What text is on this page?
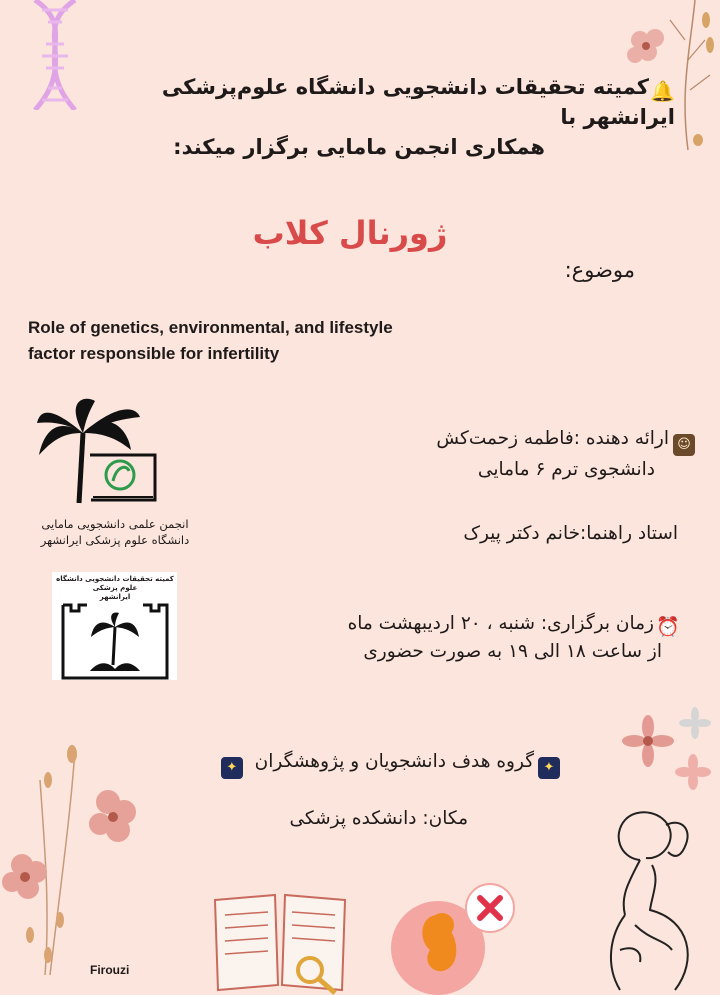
🔔کمیته تحقیقات دانشجویی دانشگاه علوم‌پزشکی ایرانشهر با
همکاری انجمن مامایی برگزار میکند:
ژورنال کلاب
موضوع:
Role of genetics, environmental, and lifestyle
factor responsible for infertility
انجمن علمی دانشجویی مامایی
دانشگاه علوم پزشکی ایرانشهر
کمیته تحقیقات دانشجویی دانشگاه علوم پزشکی
ایرانشهر
☺ارائه دهنده :فاطمه زحمت‌کش
دانشجوی ترم ۶ مامایی
استاد راهنما:خانم دکتر پیرک
⏰زمان برگزاری: شنبه ، ۲۰ اردیبهشت ماه
از ساعت ۱۸ الی ۱۹ به صورت حضوری
✦گروه هدف دانشجویان و پژوهشگران ✦
مکان: دانشکده پزشکی
Firouzi
